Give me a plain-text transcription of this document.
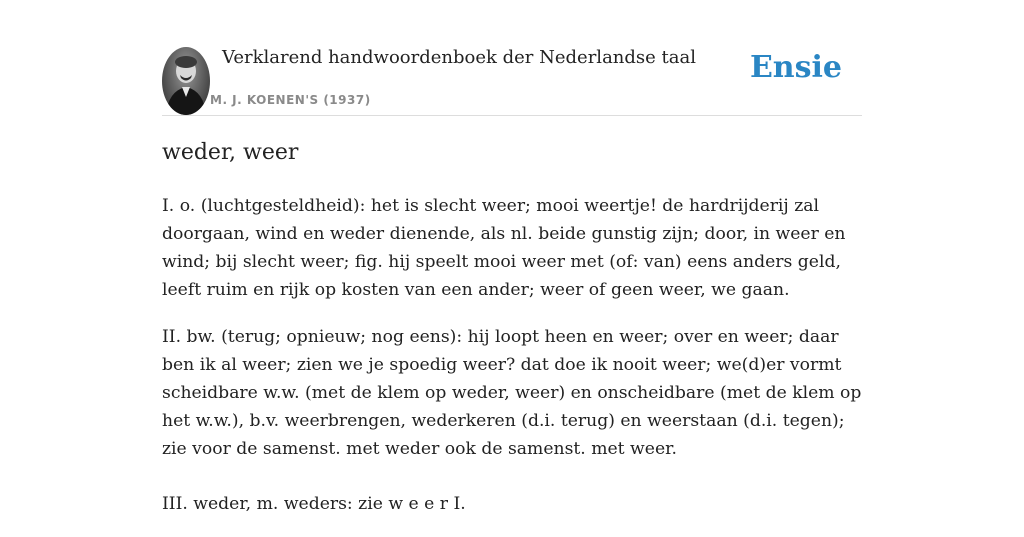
Verklarend handwoordenboek der Nederlandse taal
M. J. KOENEN'S (1937)
Ensie
weder, weer

I. o. (luchtgesteldheid): het is slecht weer; mooi weertje! de hardrijderij zal doorgaan, wind en weder dienende, als nl. beide gunstig zijn; door, in weer en wind; bij slecht weer; fig. hij speelt mooi weer met (of: van) eens anders geld, leeft ruim en rijk op kosten van een ander; weer of geen weer, we gaan.

II. bw. (terug; opnieuw; nog eens): hij loopt heen en weer; over en weer; daar ben ik al weer; zien we je spoedig weer? dat doe ik nooit weer; we(d)er vormt scheidbare w.w. (met de klem op weder, weer) en onscheidbare (met de klem op het w.w.), b.v. weerbrengen, wederkeren (d.i. terug) en weerstaan (d.i. tegen); zie voor de samenst. met weder ook de samenst. met weer.

III. weder, m. weders: zie w e e r I.
